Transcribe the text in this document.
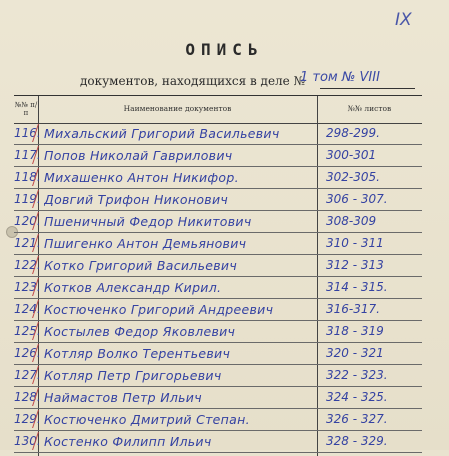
IX
ОПИСЬ
документов, находящихся в деле №
1 том № VIII
№№ п/п	Наименование документов	№№ листов
116. Михальский Григорий Васильевич	298-299.
117. Попов Николай Гаврилович	300-301
118. Михашенко Антон Никифор.	302-305.
119. Довгий Трифон Никонович	306 - 307.
120. Пшеничный Федор Никитович	308-309
121. Пшигенко Антон Демьянович	310 - 311
122. Котко Григорий Васильевич	312 - 313
123. Котков Александр Кирил.	314 - 315.
124. Костюченко Григорий Андреевич	316-317.
125. Костылев Федор Яковлевич	318 - 319
126. Котляр Волко Терентьевич	320 - 321
127. Котляр Петр Григорьевич	322 - 323.
128. Наймастов Петр Ильич	324 - 325.
129. Костюченко Дмитрий Степан.	326 - 327.
130. Костенко Филипп Ильич	328 - 329.
